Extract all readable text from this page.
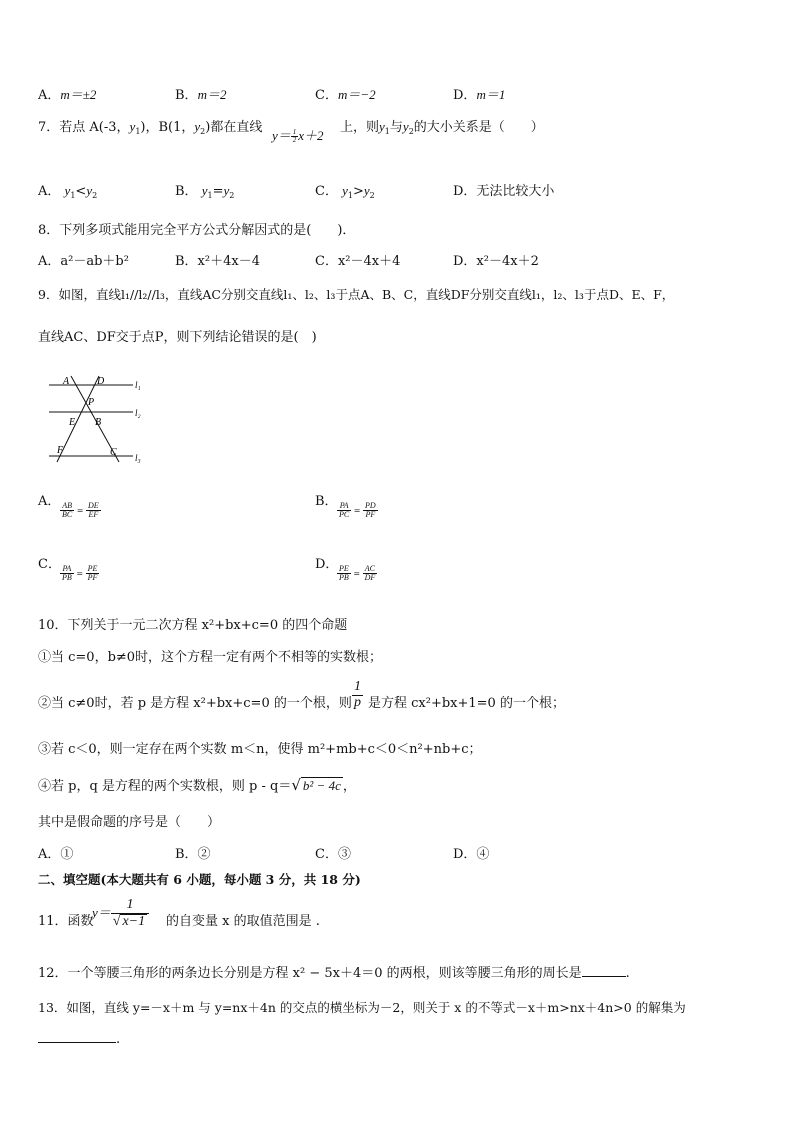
A．m＝±2	B．m＝2	C．m＝−2	D．m＝1
7．若点 A(-3，$y_1$)，B(1，$y_2$)都在直线
$y= \frac{1}{2} x+2$
上，则$y_1$与$y_2$的大小关系是（　　）
A． $y_1<y_2$	B． $y_1=y_2$	C． $y_1>y_2$	D．无法比较大小
8．下列多项式能用完全平方公式分解因式的是(　　)．
A．a²－ab＋b²	B．x²＋4x－4	C．x²－4x＋4	D．x²－4x＋2
9．如图，直线l₁//l₂//l₃，直线AC分别交直线l₁、l₂、l₃于点A、B、C，直线DF分别交直线l₁，l₂、l₃于点D、E、F，
直线AC、DF交于点P，则下列结论错误的是(　)
A	D
P
E B
F	C
l₁
l₂
l₃
A．
$\frac{AB}{BC} = \frac{DE}{EF}$
B．
$\frac{PA}{PC} = \frac{PD}{PF}$
C．
$\frac{PA}{PB} = \frac{PE}{PF}$
D．
$\frac{PE}{PB} = \frac{AC}{DF}$
10．下列关于一元二次方程 x²+bx+c=0 的四个命题
①当 c=0，b≠0时，这个方程一定有两个不相等的实数根；
②当 c≠0时，若 p 是方程 x²+bx+c=0 的一个根，则 $\frac{1}{p}$ 是方程 cx²+bx+1=0 的一个根；
③若 c＜0，则一定存在两个实数 m＜n，使得 m²+mb+c＜0＜n²+nb+c；
④若 p，q 是方程的两个实数根，则 p - q＝√ b² − 4c ，
其中是假命题的序号是（　　）
A．①	B．②	C．③	D．④
二、填空题(本大题共有 6 小题，每小题 3 分，共 18 分)
11．函数
$y= \frac{1}{√ x-1}$ 的自变量 x 的取值范围是 .
12．一个等腰三角形的两条边长分别是方程 x² − 5x＋4＝0 的两根，则该等腰三角形的周长是	.
13．如图，直线 y=－x＋m 与 y=nx＋4n 的交点的横坐标为－2，则关于 x 的不等式－x＋m>nx＋4n>0 的解集为
.
